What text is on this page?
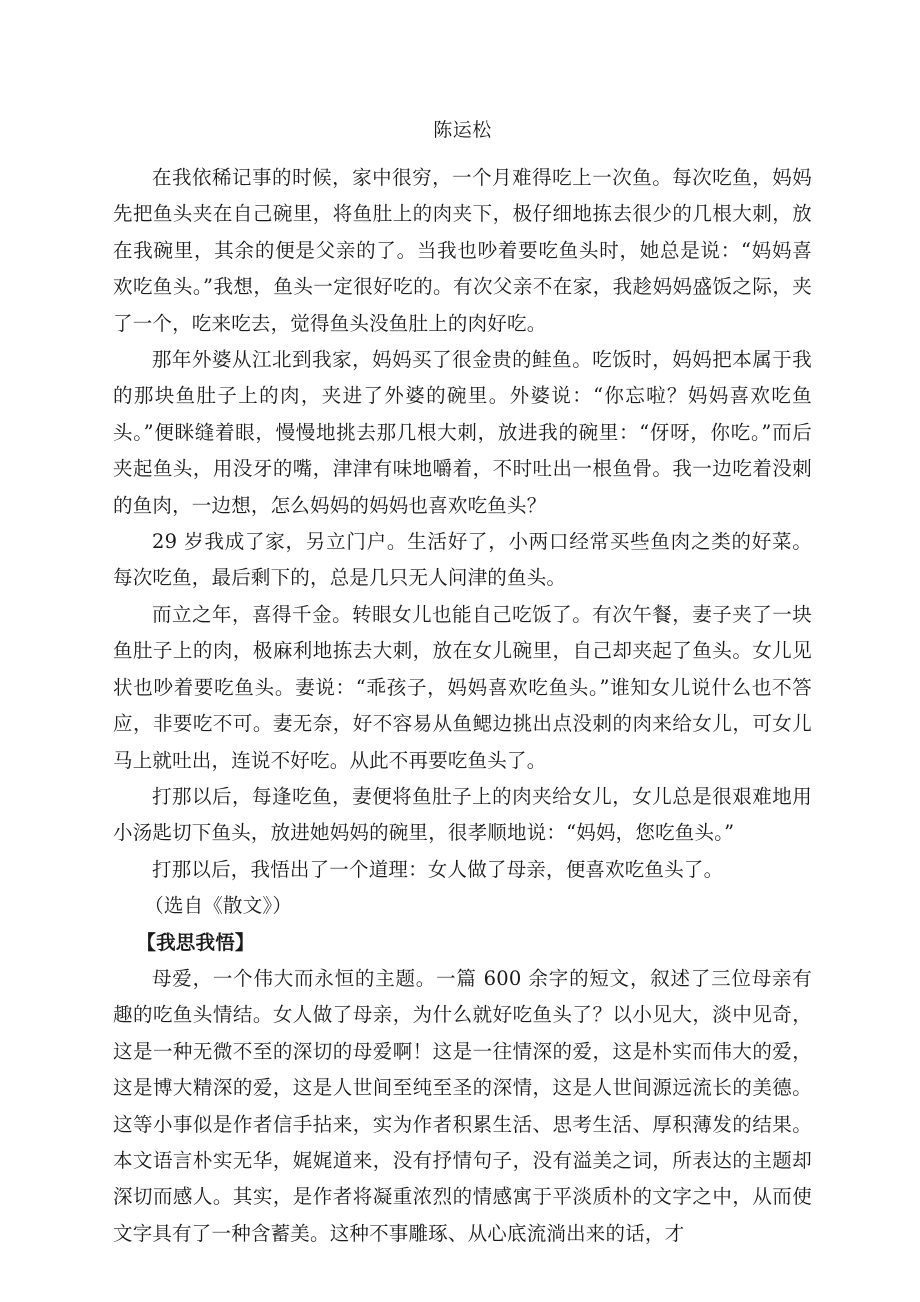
陈运松

在我依稀记事的时候，家中很穷，一个月难得吃上一次鱼。每次吃鱼，妈妈先把鱼头夹在自己碗里，将鱼肚上的肉夹下，极仔细地拣去很少的几根大刺，放在我碗里，其余的便是父亲的了。当我也吵着要吃鱼头时，她总是说：“妈妈喜欢吃鱼头。”我想，鱼头一定很好吃的。有次父亲不在家，我趁妈妈盛饭之际，夹了一个，吃来吃去，觉得鱼头没鱼肚上的肉好吃。

那年外婆从江北到我家，妈妈买了很金贵的鲑鱼。吃饭时，妈妈把本属于我的那块鱼肚子上的肉，夹进了外婆的碗里。外婆说：“你忘啦？妈妈喜欢吃鱼头。”便眯缝着眼，慢慢地挑去那几根大刺，放进我的碗里：“伢呀，你吃。”而后夹起鱼头，用没牙的嘴，津津有味地嚼着，不时吐出一根鱼骨。我一边吃着没刺的鱼肉，一边想，怎么妈妈的妈妈也喜欢吃鱼头？

29 岁我成了家，另立门户。生活好了，小两口经常买些鱼肉之类的好菜。每次吃鱼，最后剩下的，总是几只无人问津的鱼头。

而立之年，喜得千金。转眼女儿也能自己吃饭了。有次午餐，妻子夹了一块鱼肚子上的肉，极麻利地拣去大刺，放在女儿碗里，自己却夹起了鱼头。女儿见状也吵着要吃鱼头。妻说：“乖孩子，妈妈喜欢吃鱼头。”谁知女儿说什么也不答应，非要吃不可。妻无奈，好不容易从鱼鳃边挑出点没刺的肉来给女儿，可女儿马上就吐出，连说不好吃。从此不再要吃鱼头了。

打那以后，每逢吃鱼，妻便将鱼肚子上的肉夹给女儿，女儿总是很艰难地用小汤匙切下鱼头，放进她妈妈的碗里，很孝顺地说：“妈妈，您吃鱼头。”

打那以后，我悟出了一个道理：女人做了母亲，便喜欢吃鱼头了。

（选自《散文》）

【我思我悟】

母爱，一个伟大而永恒的主题。一篇 600 余字的短文，叙述了三位母亲有趣的吃鱼头情结。女人做了母亲，为什么就好吃鱼头了？以小见大，淡中见奇，这是一种无微不至的深切的母爱啊！这是一往情深的爱，这是朴实而伟大的爱，这是博大精深的爱，这是人世间至纯至圣的深情，这是人世间源远流长的美德。这等小事似是作者信手拈来，实为作者积累生活、思考生活、厚积薄发的结果。本文语言朴实无华，娓娓道来，没有抒情句子，没有溢美之词，所表达的主题却深切而感人。其实，是作者将凝重浓烈的情感寓于平淡质朴的文字之中，从而使文字具有了一种含蓄美。这种不事雕琢、从心底流淌出来的话，才
